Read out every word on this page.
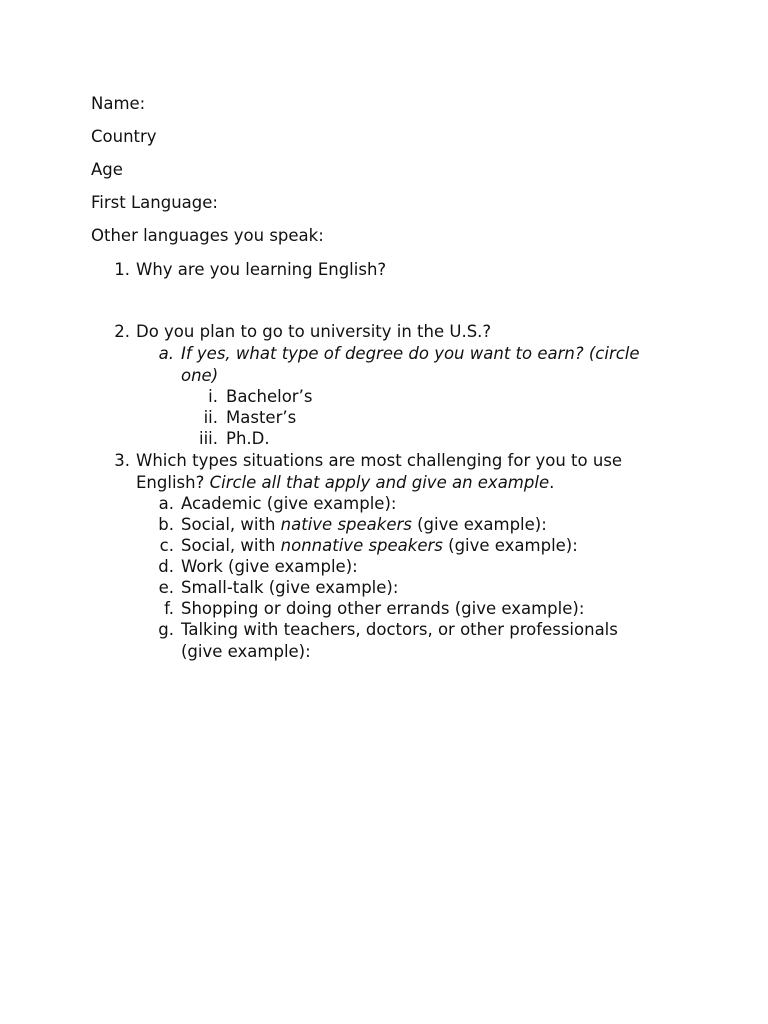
Name:
Country
Age
First Language:
Other languages you speak:
1. Why are you learning English?
2. Do you plan to go to university in the U.S.?
a. If yes, what type of degree do you want to earn? (circle
one)
i. Bachelor’s
ii. Master’s
iii. Ph.D.
3. Which types situations are most challenging for you to use
English? Circle all that apply and give an example.
a. Academic (give example):
b. Social, with native speakers (give example):
c. Social, with nonnative speakers (give example):
d. Work (give example):
e. Small-talk (give example):
f. Shopping or doing other errands (give example):
g. Talking with teachers, doctors, or other professionals
(give example):
